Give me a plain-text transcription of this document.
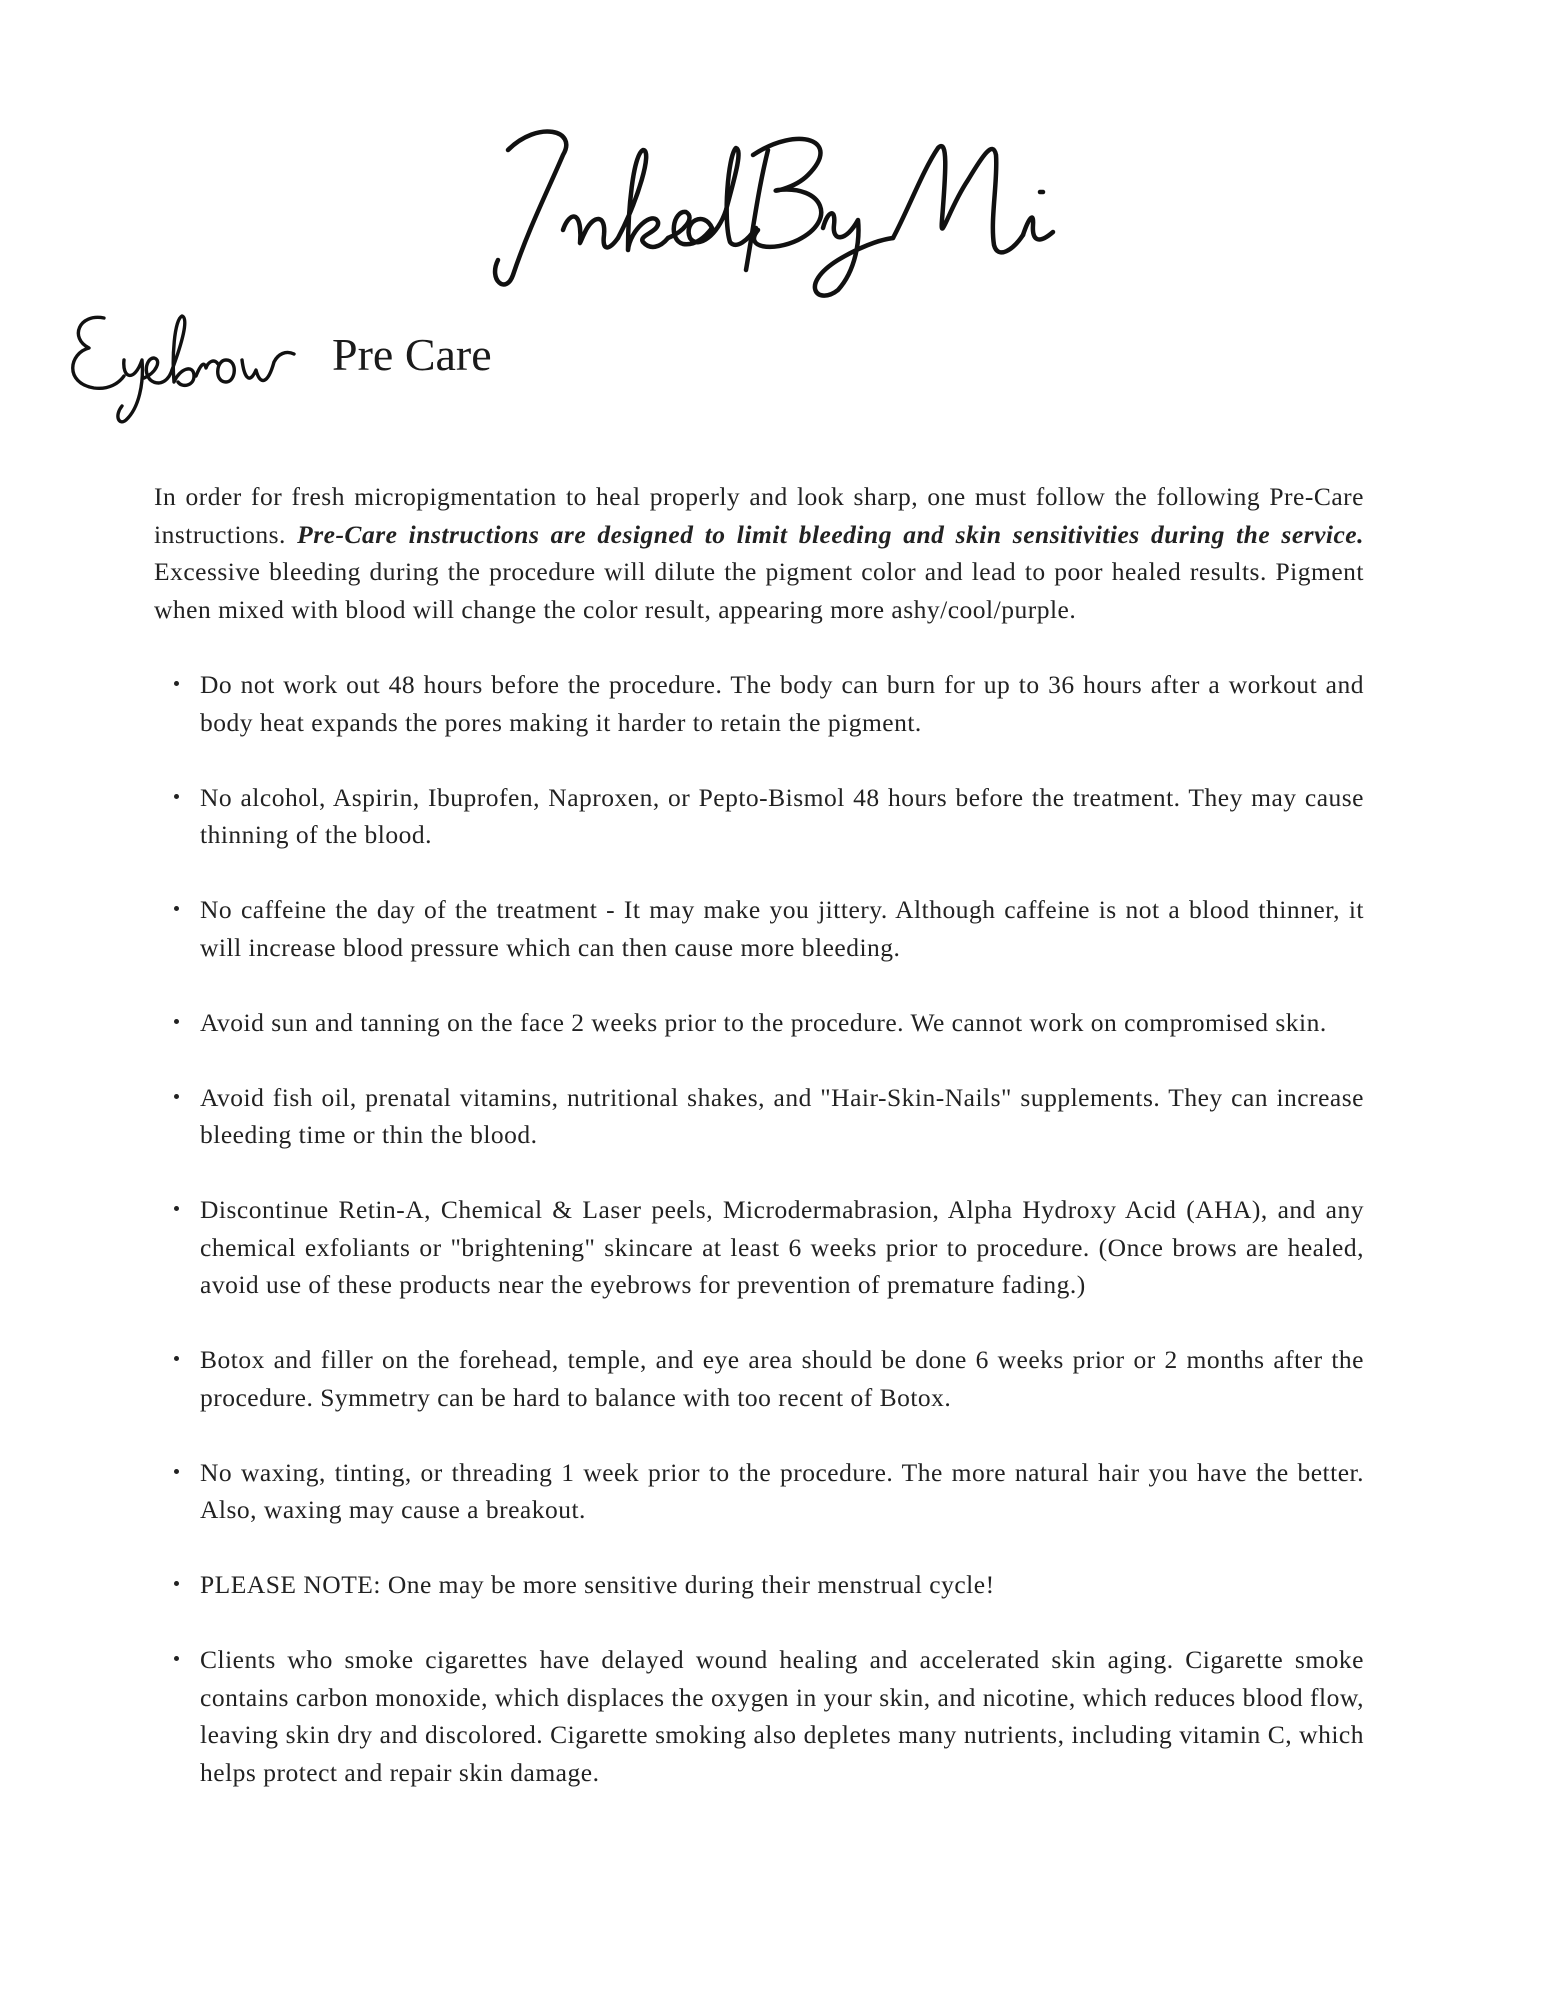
Pre Care

In order for fresh micropigmentation to heal properly and look sharp, one must follow the following Pre-Care instructions. Pre-Care instructions are designed to limit bleeding and skin sensitivities during the service. Excessive bleeding during the procedure will dilute the pigment color and lead to poor healed results. Pigment when mixed with blood will change the color result, appearing more ashy/cool/purple.

Do not work out 48 hours before the procedure. The body can burn for up to 36 hours after a workout and body heat expands the pores making it harder to retain the pigment.
No alcohol, Aspirin, Ibuprofen, Naproxen, or Pepto-Bismol 48 hours before the treatment. They may cause thinning of the blood.
No caffeine the day of the treatment - It may make you jittery. Although caffeine is not a blood thinner, it will increase blood pressure which can then cause more bleeding.
Avoid sun and tanning on the face 2 weeks prior to the procedure. We cannot work on compromised skin.
Avoid fish oil, prenatal vitamins, nutritional shakes, and "Hair-Skin-Nails" supplements. They can increase bleeding time or thin the blood.
Discontinue Retin-A, Chemical & Laser peels, Microdermabrasion, Alpha Hydroxy Acid (AHA), and any chemical exfoliants or "brightening" skincare at least 6 weeks prior to procedure. (Once brows are healed, avoid use of these products near the eyebrows for prevention of premature fading.)
Botox and filler on the forehead, temple, and eye area should be done 6 weeks prior or 2 months after the procedure. Symmetry can be hard to balance with too recent of Botox.
No waxing, tinting, or threading 1 week prior to the procedure. The more natural hair you have the better. Also, waxing may cause a breakout.
PLEASE NOTE: One may be more sensitive during their menstrual cycle!
Clients who smoke cigarettes have delayed wound healing and accelerated skin aging. Cigarette smoke contains carbon monoxide, which displaces the oxygen in your skin, and nicotine, which reduces blood flow, leaving skin dry and discolored. Cigarette smoking also depletes many nutrients, including vitamin C, which helps protect and repair skin damage.
